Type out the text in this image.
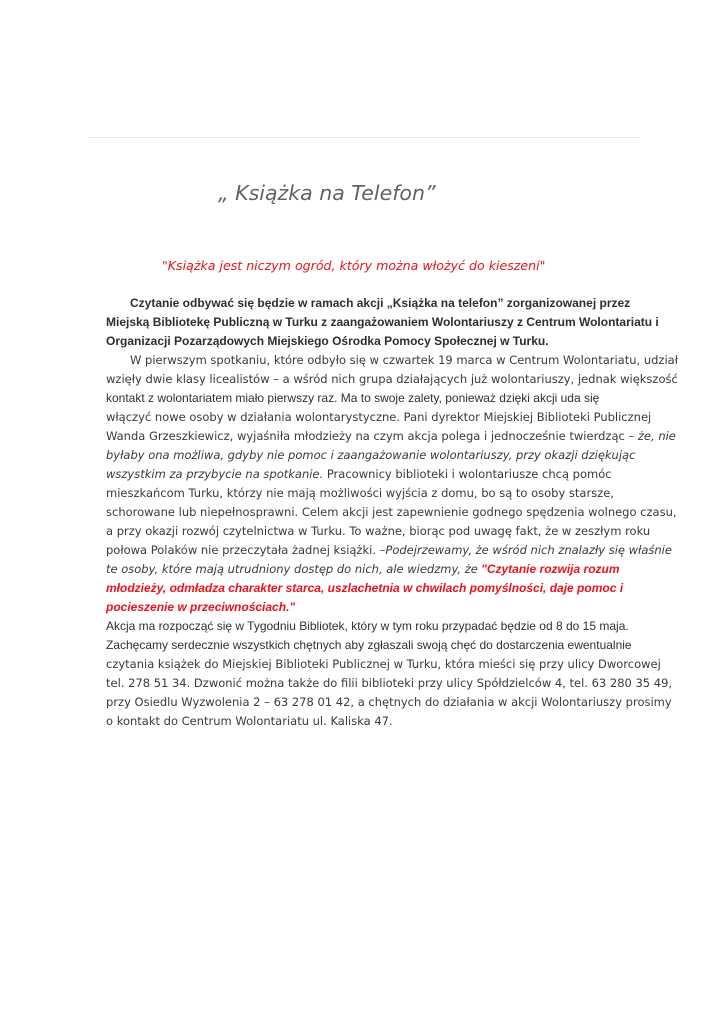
„ Książka na Telefon”

"Książka jest niczym ogród, który można włożyć do kieszeni"

Czytanie odbywać się będzie w ramach akcji „Książka na telefon” zorganizowanej przez
Miejską Bibliotekę Publiczną w Turku z zaangażowaniem Wolontariuszy z Centrum Wolontariatu i
Organizacji Pozarządowych Miejskiego Ośrodka Pomocy Społecznej w Turku.
W pierwszym spotkaniu, które odbyło się w czwartek 19 marca w Centrum Wolontariatu, udział
wzięły dwie klasy licealistów – a wśród nich grupa działających już wolontariuszy, jednak większość
kontakt z wolontariatem miało pierwszy raz. Ma to swoje zalety, ponieważ dzięki akcji uda się
włączyć nowe osoby w działania wolontarystyczne. Pani dyrektor Miejskiej Biblioteki Publicznej
Wanda Grzeszkiewicz, wyjaśniła młodzieży na czym akcja polega i jednocześnie twierdząc – że, nie
byłaby ona możliwa, gdyby nie pomoc i zaangażowanie wolontariuszy, przy okazji dziękując
wszystkim za przybycie na spotkanie. Pracownicy biblioteki i wolontariusze chcą pomóc
mieszkańcom Turku, którzy nie mają możliwości wyjścia z domu, bo są to osoby starsze,
schorowane lub niepełnosprawni. Celem akcji jest zapewnienie godnego spędzenia wolnego czasu,
a przy okazji rozwój czytelnictwa w Turku. To ważne, biorąc pod uwagę fakt, że w zeszłym roku
połowa Polaków nie przeczytała żadnej książki. –Podejrzewamy, że wśród nich znalazły się właśnie
te osoby, które mają utrudniony dostęp do nich, ale wiedzmy, że "Czytanie rozwija rozum
młodzieży, odmładza charakter starca, uszlachetnia w chwilach pomyślności, daje pomoc i
pocieszenie w przeciwnościach."
Akcja ma rozpocząć się w Tygodniu Bibliotek, który w tym roku przypadać będzie od 8 do 15 maja.
Zachęcamy serdecznie wszystkich chętnych aby zgłaszali swoją chęć do dostarczenia ewentualnie
czytania książek do Miejskiej Biblioteki Publicznej w Turku, która mieści się przy ulicy Dworcowej
tel. 278 51 34. Dzwonić można także do filii biblioteki przy ulicy Spółdzielców 4, tel. 63 280 35 49,
przy Osiedlu Wyzwolenia 2 – 63 278 01 42, a chętnych do działania w akcji Wolontariuszy prosimy
o kontakt do Centrum Wolontariatu ul. Kaliska 47.
